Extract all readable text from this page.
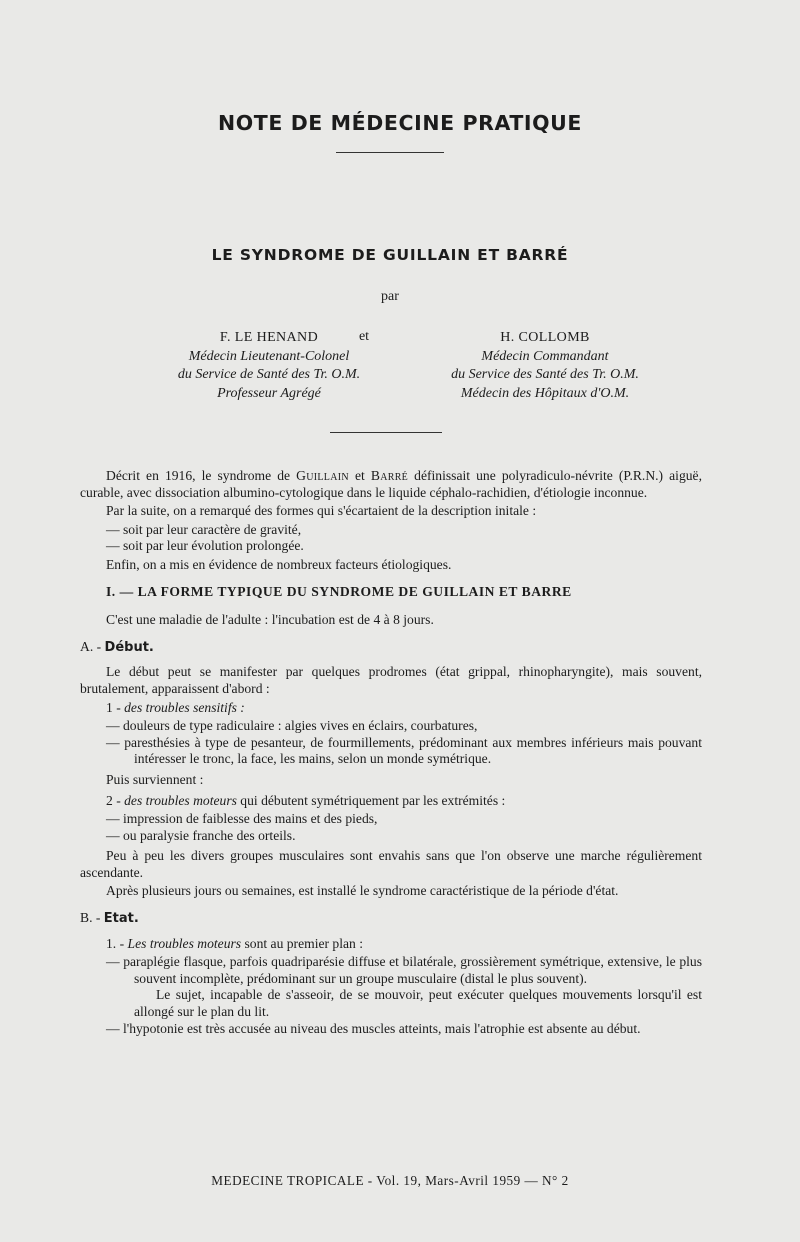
NOTE DE MÉDECINE PRATIQUE
LE SYNDROME DE GUILLAIN ET BARRÉ
par
F. LE HENAND
Médecin Lieutenant-Colonel
du Service de Santé des Tr. O.M.
Professeur Agrégé
et	H. COLLOMB
Médecin Commandant
du Service des Santé des Tr. O.M.
Médecin des Hôpitaux d'O.M.

Décrit en 1916, le syndrome de Guillain et Barré définissait une polyradiculo-névrite (P.R.N.) aiguë, curable, avec dissociation albumino-cytologique dans le liquide céphalo-rachidien, d'étiologie inconnue.

Par la suite, on a remarqué des formes qui s'écartaient de la description initale :

— soit par leur caractère de gravité,

— soit par leur évolution prolongée.

Enfin, on a mis en évidence de nombreux facteurs étiologiques.

I. — LA FORME TYPIQUE DU SYNDROME DE GUILLAIN ET BARRE

C'est une maladie de l'adulte : l'incubation est de 4 à 8 jours.

A. - Début.

Le début peut se manifester par quelques prodromes (état grippal, rhinopharyngite), mais souvent, brutalement, apparaissent d'abord :

1 - des troubles sensitifs :

— douleurs de type radiculaire : algies vives en éclairs, courbatures,

— paresthésies à type de pesanteur, de fourmillements, prédominant aux membres inférieurs mais pouvant intéresser le tronc, la face, les mains, selon un monde symétrique.

Puis surviennent :

2 - des troubles moteurs qui débutent symétriquement par les extrémités :

— impression de faiblesse des mains et des pieds,

— ou paralysie franche des orteils.

Peu à peu les divers groupes musculaires sont envahis sans que l'on observe une marche régulièrement ascendante.

Après plusieurs jours ou semaines, est installé le syndrome caractéristique de la période d'état.

B. - Etat.

1. - Les troubles moteurs sont au premier plan :

— paraplégie flasque, parfois quadriparésie diffuse et bilatérale, grossièrement symétrique, extensive, le plus souvent incomplète, prédominant sur un groupe musculaire (distal le plus souvent).

Le sujet, incapable de s'asseoir, de se mouvoir, peut exécuter quelques mouvements lorsqu'il est allongé sur le plan du lit.

— l'hypotonie est très accusée au niveau des muscles atteints, mais l'atrophie est absente au début.

MEDECINE TROPICALE - Vol. 19, Mars-Avril 1959 — N° 2
